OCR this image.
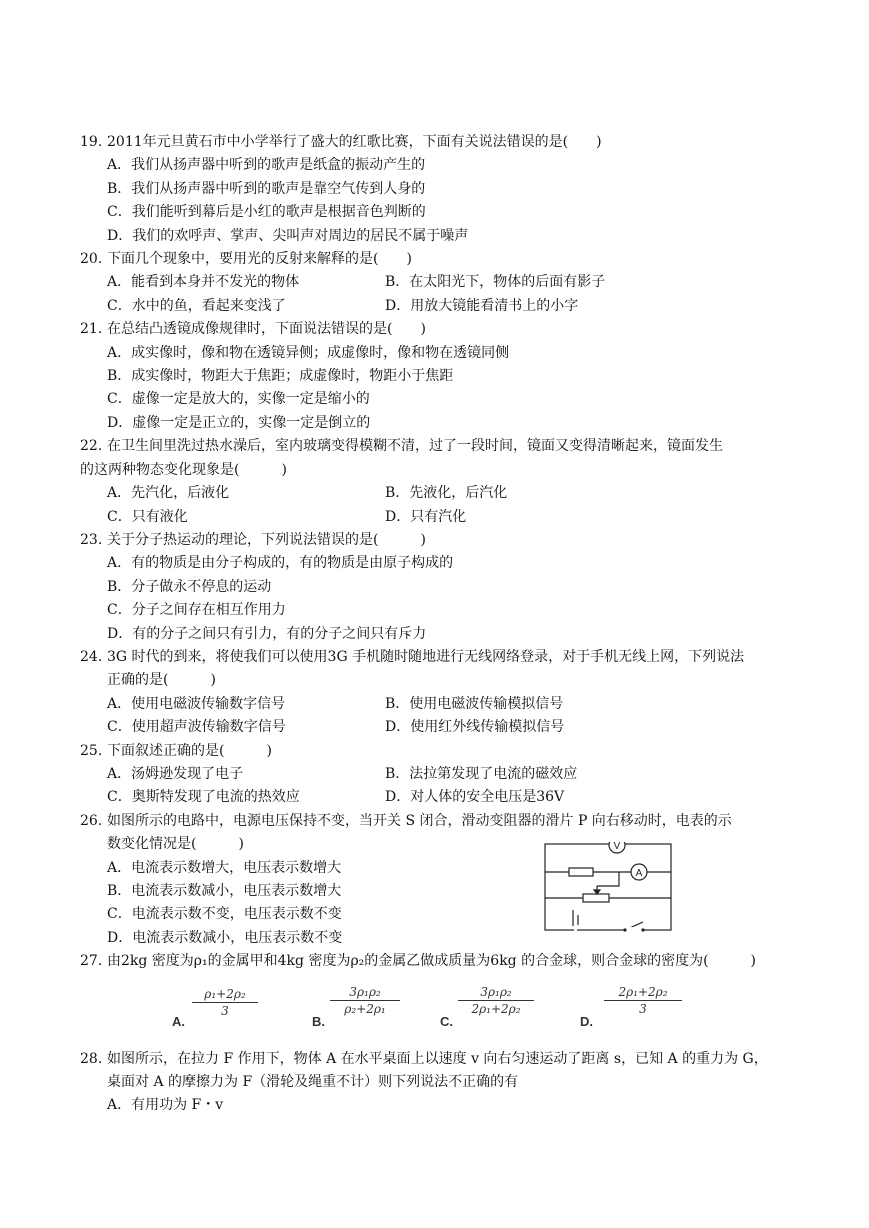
19. 2011年元旦黄石市中小学举行了盛大的红歌比赛，下面有关说法错误的是(　　)
A．我们从扬声器中听到的歌声是纸盒的振动产生的
B．我们从扬声器中听到的歌声是靠空气传到人身的
C．我们能听到幕后是小红的歌声是根据音色判断的
D．我们的欢呼声、掌声、尖叫声对周边的居民不属于噪声
20. 下面几个现象中，要用光的反射来解释的是(　　)
A．能看到本身并不发光的物体	B．在太阳光下，物体的后面有影子
C．水中的鱼，看起来变浅了	D．用放大镜能看清书上的小字
21. 在总结凸透镜成像规律时，下面说法错误的是(　　)
A．成实像时，像和物在透镜异侧；成虚像时，像和物在透镜同侧
B．成实像时，物距大于焦距；成虚像时，物距小于焦距
C．虚像一定是放大的，实像一定是缩小的
D．虚像一定是正立的，实像一定是倒立的
22. 在卫生间里洗过热水澡后，室内玻璃变得模糊不清，过了一段时间，镜面又变得清晰起来，镜面发生
的这两种物态变化现象是(　　　)
A．先汽化，后液化	B．先液化，后汽化
C．只有液化	D．只有汽化
23. 关于分子热运动的理论，下列说法错误的是(　　　)
A．有的物质是由分子构成的，有的物质是由原子构成的
B．分子做永不停息的运动
C．分子之间存在相互作用力
D．有的分子之间只有引力，有的分子之间只有斥力
24. 3G 时代的到来，将使我们可以使用3G 手机随时随地进行无线网络登录，对于手机无线上网，下列说法
正确的是(　　　)
A．使用电磁波传输数字信号	B．使用电磁波传输模拟信号
C．使用超声波传输数字信号	D．使用红外线传输模拟信号
25. 下面叙述正确的是(　　　)
A．汤姆逊发现了电子	B．法拉第发现了电流的磁效应
C．奥斯特发现了电流的热效应	D．对人体的安全电压是36V
26. 如图所示的电路中，电源电压保持不变，当开关 S 闭合，滑动变阻器的滑片 P 向右移动时，电表的示
数变化情况是(　　　)
A．电流表示数增大，电压表示数增大
B．电流表示数减小，电压表示数增大
C．电流表示数不变，电压表示数不变
D．电流表示数减小，电压表示数不变
27. 由2kg 密度为ρ₁的金属甲和4kg 密度为ρ₂的金属乙做成质量为6kg 的合金球，则合金球的密度为(　　　)
A.
$\frac{\text{ρ₁+2ρ₂}}{3}$
B.
$\frac{\text{3ρ₁ρ₂}}{\text{ρ₂+2ρ₁}}$
C.
$\frac{\text{3ρ₁ρ₂}}{\text{2ρ₁+2ρ₂}}$
D.
$\frac{\text{2ρ₁+2ρ₂}}{3}$
28. 如图所示，在拉力 F 作用下，物体 A 在水平桌面上以速度 v 向右匀速运动了距离 s，已知 A 的重力为 G，
桌面对 A 的摩擦力为 F（滑轮及绳重不计）则下列说法不正确的有
A．有用功为 F・v
V
A
